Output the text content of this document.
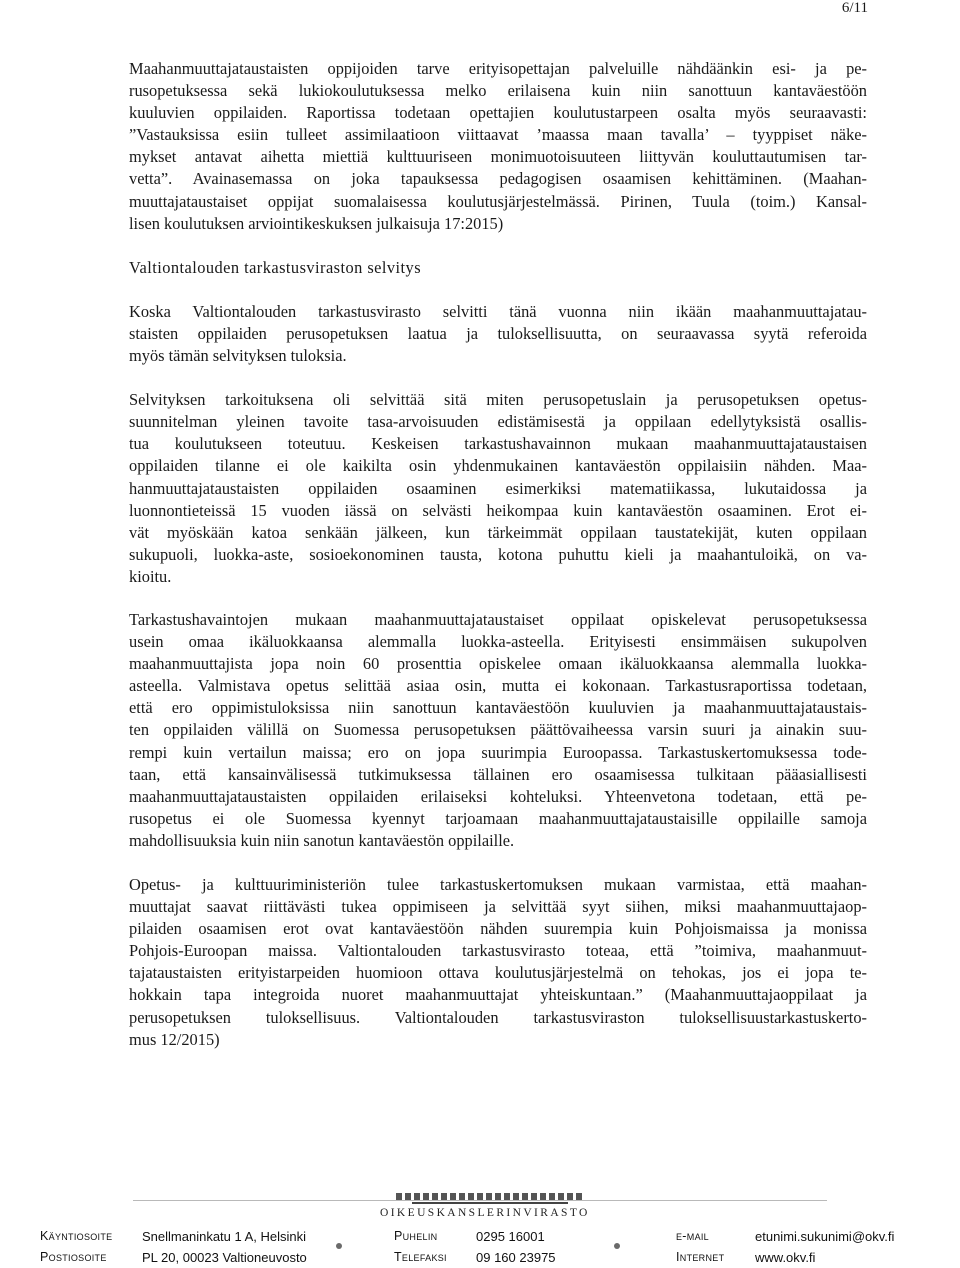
6/11

Maahanmuuttajataustaisten oppijoiden tarve erityisopettajan palveluille nähdäänkin esi- ja pe-
rusopetuksessa sekä lukiokoulutuksessa melko erilaisena kuin niin sanottuun kantaväestöön
kuuluvien oppilaiden. Raportissa todetaan opettajien koulutustarpeen osalta myös seuraavasti:
”Vastauksissa esiin tulleet assimilaatioon viittaavat ’maassa maan tavalla’ – tyyppiset näke-
mykset antavat aihetta miettiä kulttuuriseen monimuotoisuuteen liittyvän kouluttautumisen tar-
vetta”. Avainasemassa on joka tapauksessa pedagogisen osaamisen kehittäminen. (Maahan-
muuttajataustaiset oppijat suomalaisessa koulutusjärjestelmässä. Pirinen, Tuula (toim.) Kansal-
lisen koulutuksen arviointikeskuksen julkaisuja 17:2015)

Valtiontalouden tarkastusviraston selvitys

Koska Valtiontalouden tarkastusvirasto selvitti tänä vuonna niin ikään maahanmuuttajatau-
staisten oppilaiden perusopetuksen laatua ja tuloksellisuutta, on seuraavassa syytä referoida
myös tämän selvityksen tuloksia.

Selvityksen tarkoituksena oli selvittää sitä miten perusopetuslain ja perusopetuksen opetus-
suunnitelman yleinen tavoite tasa-arvoisuuden edistämisestä ja oppilaan edellytyksistä osallis-
tua koulutukseen toteutuu. Keskeisen tarkastushavainnon mukaan maahanmuuttajataustaisen
oppilaiden tilanne ei ole kaikilta osin yhdenmukainen kantaväestön oppilaisiin nähden. Maa-
hanmuuttajataustaisten oppilaiden osaaminen esimerkiksi matematiikassa, lukutaidossa ja
luonnontieteissä 15 vuoden iässä on selvästi heikompaa kuin kantaväestön osaaminen. Erot ei-
vät myöskään katoa senkään jälkeen, kun tärkeimmät oppilaan taustatekijät, kuten oppilaan
sukupuoli, luokka-aste, sosioekonominen tausta, kotona puhuttu kieli ja maahantuloikä, on va-
kioitu.

Tarkastushavaintojen mukaan maahanmuuttajataustaiset oppilaat opiskelevat perusopetuksessa
usein omaa ikäluokkaansa alemmalla luokka-asteella. Erityisesti ensimmäisen sukupolven
maahanmuuttajista jopa noin 60 prosenttia opiskelee omaan ikäluokkaansa alemmalla luokka-
asteella. Valmistava opetus selittää asiaa osin, mutta ei kokonaan. Tarkastusraportissa todetaan,
että ero oppimistuloksissa niin sanottuun kantaväestöön kuuluvien ja maahanmuuttajataustais-
ten oppilaiden välillä on Suomessa perusopetuksen päättövaiheessa varsin suuri ja ainakin suu-
rempi kuin vertailun maissa; ero on jopa suurimpia Euroopassa. Tarkastuskertomuksessa tode-
taan, että kansainvälisessä tutkimuksessa tällainen ero osaamisessa tulkitaan pääasiallisesti
maahanmuuttajataustaisten oppilaiden erilaiseksi kohteluksi. Yhteenvetona todetaan, että pe-
rusopetus ei ole Suomessa kyennyt tarjoamaan maahanmuuttajataustaisille oppilaille samoja
mahdollisuuksia kuin niin sanotun kantaväestön oppilaille.

Opetus- ja kulttuuriministeriön tulee tarkastuskertomuksen mukaan varmistaa, että maahan-
muuttajat saavat riittävästi tukea oppimiseen ja selvittää syyt siihen, miksi maahanmuuttajaop-
pilaiden osaamisen erot ovat kantaväestöön nähden suurempia kuin Pohjoismaissa ja monissa
Pohjois-Euroopan maissa. Valtiontalouden tarkastusvirasto toteaa, että ”toimiva, maahanmuut-
tajataustaisten erityistarpeiden huomioon ottava koulutusjärjestelmä on tehokas, jos ei jopa te-
hokkain tapa integroida nuoret maahanmuuttajat yhteiskuntaan.” (Maahanmuuttajaoppilaat ja
perusopetuksen tuloksellisuus. Valtiontalouden tarkastusviraston tuloksellisuustarkastuskerto-
mus 12/2015)

OIKEUSKANSLERINVIRASTO
Käyntiosoite Snellmaninkatu 1 A, Helsinki	Puhelin	0295 16001	e-mail	etunimi.sukunimi@okv.fi
Postiosoite	PL 20, 00023 Valtioneuvosto	Telefaksi 09 160 23975	Internet www.okv.fi
